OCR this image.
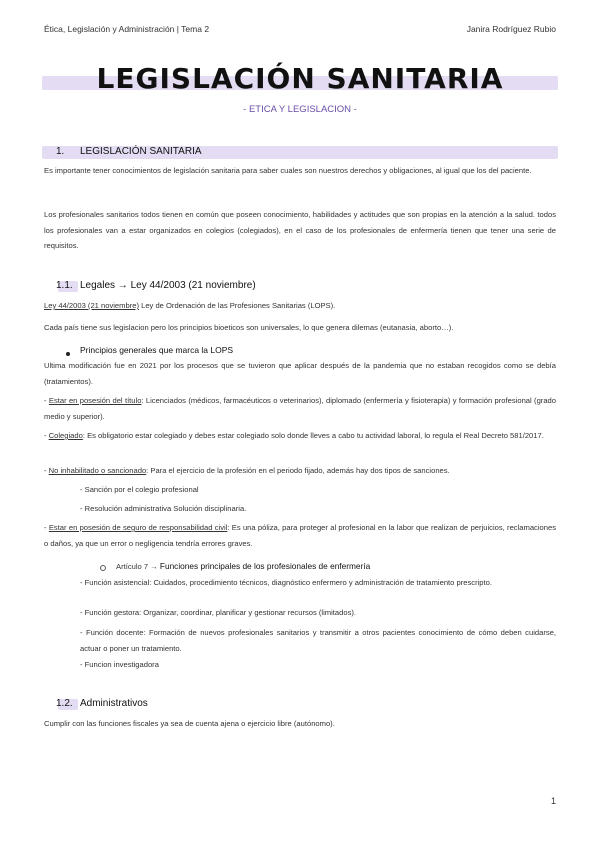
Ética, Legislación y Administración | Tema 2	Janira Rodríguez Rubio
LEGISLACIÓN SANITARIA
- ETICA Y LEGISLACION -
1. LEGISLACIÓN SANITARIA
Es importante tener conocimientos de legislación sanitaria para saber cuales son nuestros derechos y obligaciones, al igual que los del paciente.
Los profesionales sanitarios todos tienen en común que poseen conocimiento, habilidades y actitudes que son propias en la atención a la salud. todos los profesionales van a estar organizados en colegios (colegiados), en el caso de los profesionales de enfermería tienen que tener una serie de requisitos.
1.1. Legales → Ley 44/2003 (21 noviembre)
Ley 44/2003 (21 noviembre) Ley de Ordenación de las Profesiones Sanitarias (LOPS).
Cada país tiene sus legislacion pero los principios bioeticos son universales, lo que genera dilemas (eutanasia, aborto…).
Principios generales que marca la LOPS
Ultima modificación fue en 2021 por los procesos que se tuvieron que aplicar después de la pandemia que no estaban recogidos como se debía (tratamientos).
- Estar en posesión del título: Licenciados (médicos, farmacéuticos o veterinarios), diplomado (enfermería y fisioterapia) y formación profesional (grado medio y superior).
- Colegiado: Es obligatorio estar colegiado y debes estar colegiado solo donde lleves a cabo tu actividad laboral, lo regula el Real Decreto 581/2017.
- No inhabilitado o sancionado: Para el ejercicio de la profesión en el periodo fijado, además hay dos tipos de sanciones.
- Sanción por el colegio profesional
- Resolución administrativa Solución disciplinaria.
- Estar en posesión de seguro de responsabilidad civil: Es una póliza, para proteger al profesional en la labor que realizan de perjuicios, reclamaciones o daños, ya que un error o negligencia tendría errores graves.
Artículo 7 → Funciones principales de los profesionales de enfermería
- Función asistencial: Cuidados, procedimiento técnicos, diagnóstico enfermero y administración de tratamiento prescripto.
- Función gestora: Organizar, coordinar, planificar y gestionar recursos (limitados).
- Función docente: Formación de nuevos profesionales sanitarios y transmitir a otros pacientes conocimiento de cómo deben cuidarse, actuar o poner un tratamiento.
- Funcion investigadora
1.2. Administrativos
Cumplir con las funciones fiscales ya sea de cuenta ajena o ejercicio libre (autónomo).
1
